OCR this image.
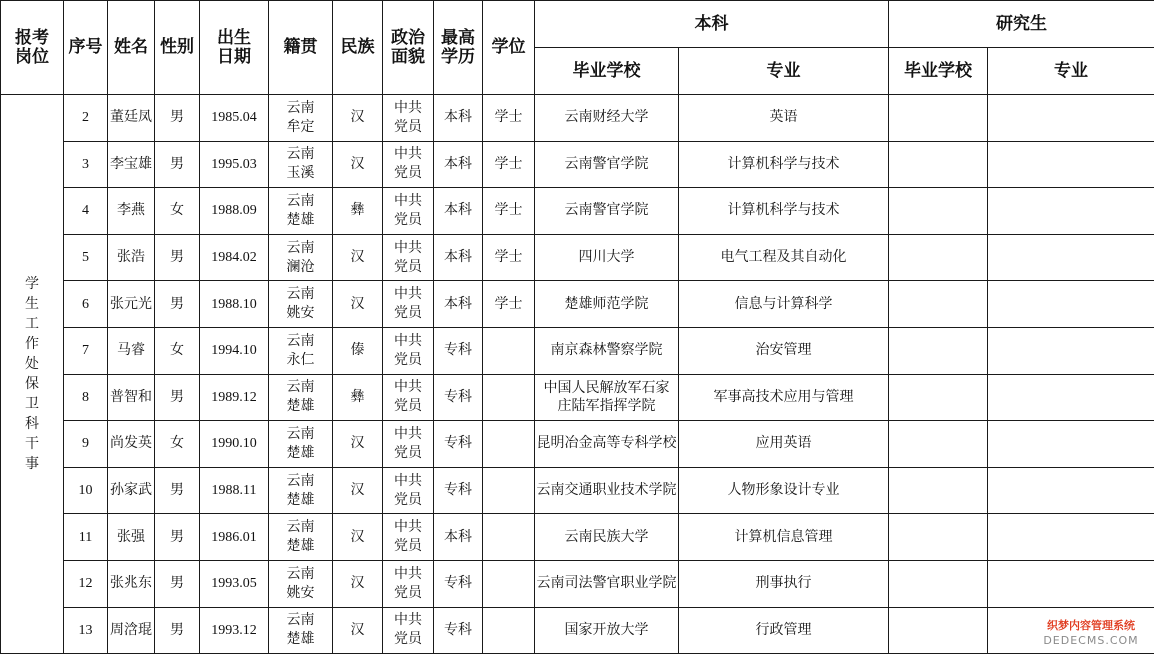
报考岗位	序号	姓名	性别	出生日期	籍贯	民族	政治面貌	最高学历	学位	本科		研究生	
										毕业学校	专业	毕业学校	专业

学生工作处保卫科干事	2	董廷凤	男	1985.04	云南牟定	汉	中共党员	本科	学士	云南财经大学	英语		
	3	李宝雄	男	1995.03	云南玉溪	汉	中共党员	本科	学士	云南警官学院	计算机科学与技术		
	4	李燕	女	1988.09	云南楚雄	彝	中共党员	本科	学士	云南警官学院	计算机科学与技术		
	5	张浩	男	1984.02	云南澜沧	汉	中共党员	本科	学士	四川大学	电气工程及其自动化		
	6	张元光	男	1988.10	云南姚安	汉	中共党员	本科	学士	楚雄师范学院	信息与计算科学		
	7	马睿	女	1994.10	云南永仁	傣	中共党员	专科		南京森林警察学院	治安管理		
	8	普智和	男	1989.12	云南楚雄	彝	中共党员	专科		中国人民解放军石家庄陆军指挥学院	军事高技术应用与管理		
	9	尚发英	女	1990.10	云南楚雄	汉	中共党员	专科		昆明冶金高等专科学校	应用英语		
	10	孙家武	男	1988.11	云南楚雄	汉	中共党员	专科		云南交通职业技术学院	人物形象设计专业		
	11	张强	男	1986.01	云南楚雄	汉	中共党员	本科		云南民族大学	计算机信息管理		
	12	张兆东	男	1993.05	云南姚安	汉	中共党员	专科		云南司法警官职业学院	刑事执行		
	13	周浛琨	男	1993.12	云南楚雄	汉	中共党员	专科		国家开放大学	行政管理			织梦内容管理系统
DEDECMS.COM
